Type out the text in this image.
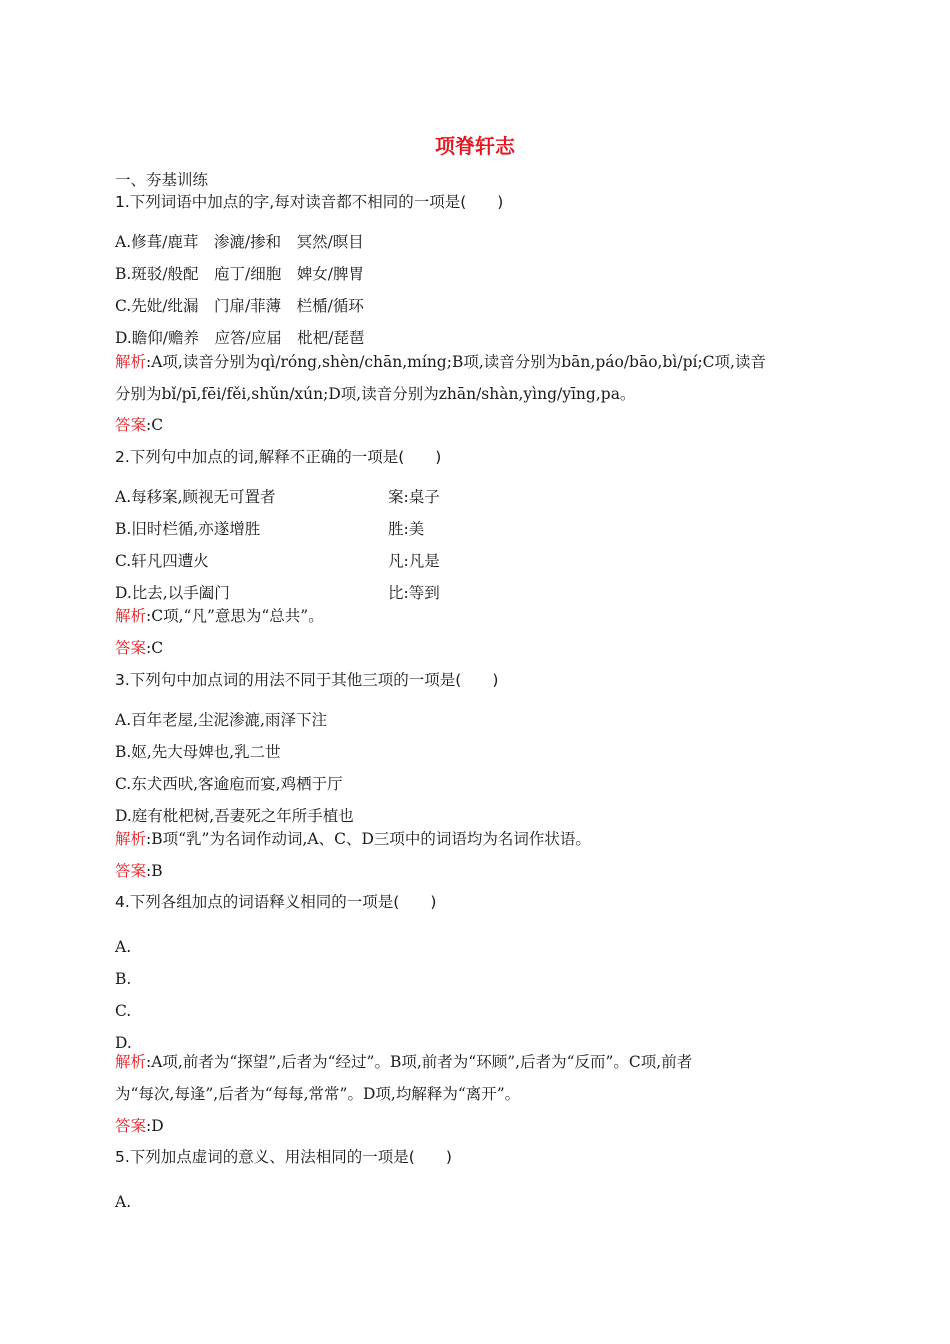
项脊轩志
一、夯基训练
1.下列词语中加点的字,每对读音都不相同的一项是(　　)
A.修葺/鹿茸　渗漉/掺和　冥然/暝目
B.斑驳/般配　庖丁/细胞　婢女/脾胃
C.先妣/纰漏　门扉/菲薄　栏楯/循环
D.瞻仰/赡养　应答/应届　枇杷/琵琶
解析:A项,读音分别为qì/róng,shèn/chān,míng;B项,读音分别为bān,páo/bāo,bì/pí;C项,读音
分别为bǐ/pī,fēi/fěi,shǔn/xún;D项,读音分别为zhān/shàn,yìng/yīng,pa。
答案:C
2.下列句中加点的词,解释不正确的一项是(　　)
A.每移案,顾视无可置者	案:桌子
B.旧时栏循,亦遂增胜	胜:美
C.轩凡四遭火	凡:凡是
D.比去,以手阖门	比:等到
解析:C项,“凡”意思为“总共”。
答案:C
3.下列句中加点词的用法不同于其他三项的一项是(　　)
A.百年老屋,尘泥渗漉,雨泽下注
B.妪,先大母婢也,乳二世
C.东犬西吠,客逾庖而宴,鸡栖于厅
D.庭有枇杷树,吾妻死之年所手植也
解析:B项“乳”为名词作动词,A、C、D三项中的词语均为名词作状语。
答案:B
4.下列各组加点的词语释义相同的一项是(　　)
A.
B.
C.
D.
解析:A项,前者为“探望”,后者为“经过”。B项,前者为“环顾”,后者为“反而”。C项,前者
为“每次,每逢”,后者为“每每,常常”。D项,均解释为“离开”。
答案:D
5.下列加点虚词的意义、用法相同的一项是(　　)
A.
